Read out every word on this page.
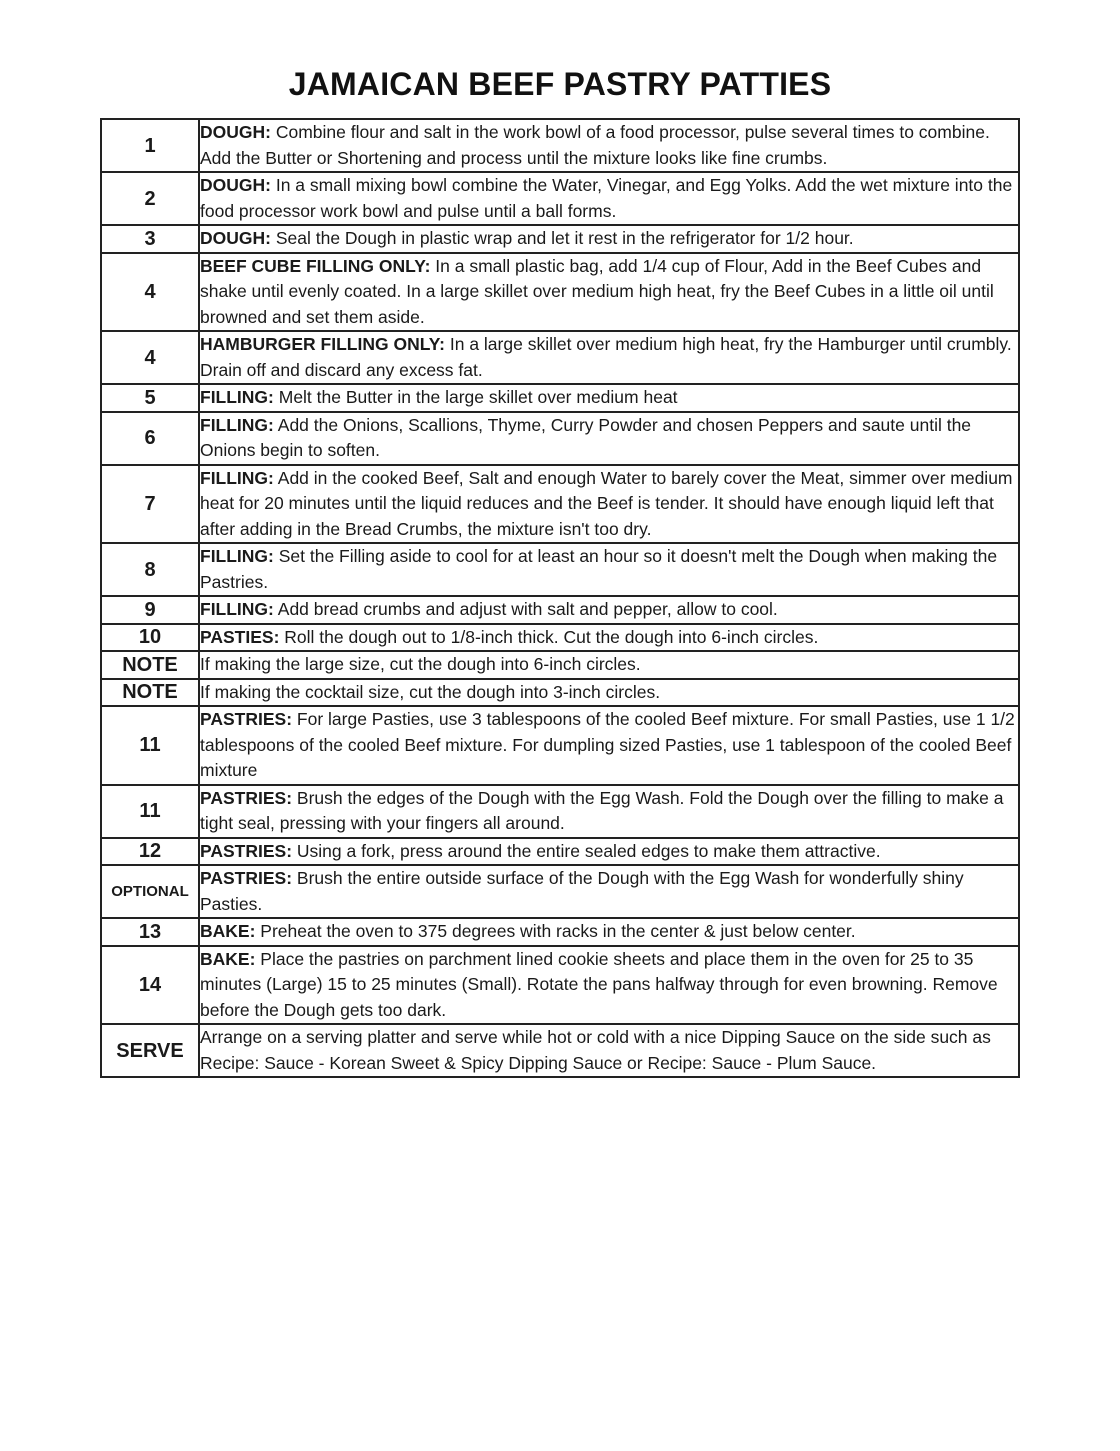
JAMAICAN BEEF PASTRY PATTIES
1	DOUGH: Combine flour and salt in the work bowl of a food processor, pulse several times to combine. Add the Butter or Shortening and process until the mixture looks like fine crumbs.
2	DOUGH: In a small mixing bowl combine the Water, Vinegar, and Egg Yolks. Add the wet mixture into the food processor work bowl and pulse until a ball forms.
3	DOUGH: Seal the Dough in plastic wrap and let it rest in the refrigerator for 1/2 hour.
4	BEEF CUBE FILLING ONLY: In a small plastic bag, add 1/4 cup of Flour, Add in the Beef Cubes and shake until evenly coated. In a large skillet over medium high heat, fry the Beef Cubes in a little oil until browned and set them aside.
4	HAMBURGER FILLING ONLY: In a large skillet over medium high heat, fry the Hamburger until crumbly. Drain off and discard any excess fat.
5	FILLING: Melt the Butter in the large skillet over medium heat
6	FILLING: Add the Onions, Scallions, Thyme, Curry Powder and chosen Peppers and saute until the Onions begin to soften.
7	FILLING: Add in the cooked Beef, Salt and enough Water to barely cover the Meat, simmer over medium heat for 20 minutes until the liquid reduces and the Beef is tender. It should have enough liquid left that after adding in the Bread Crumbs, the mixture isn't too dry.
8	FILLING: Set the Filling aside to cool for at least an hour so it doesn't melt the Dough when making the Pastries.
9	FILLING: Add bread crumbs and adjust with salt and pepper, allow to cool.
10	PASTIES: Roll the dough out to 1/8-inch thick. Cut the dough into 6-inch circles.
NOTE	If making the large size, cut the dough into 6-inch circles.
NOTE	If making the cocktail size, cut the dough into 3-inch circles.
11	PASTRIES: For large Pasties, use 3 tablespoons of the cooled Beef mixture. For small Pasties, use 1 1/2 tablespoons of the cooled Beef mixture. For dumpling sized Pasties, use 1 tablespoon of the cooled Beef mixture
11	PASTRIES: Brush the edges of the Dough with the Egg Wash. Fold the Dough over the filling to make a tight seal, pressing with your fingers all around.
12	PASTRIES: Using a fork, press around the entire sealed edges to make them attractive.
OPTIONAL	PASTRIES: Brush the entire outside surface of the Dough with the Egg Wash for wonderfully shiny Pasties.
13	BAKE: Preheat the oven to 375 degrees with racks in the center & just below center.
14	BAKE: Place the pastries on parchment lined cookie sheets and place them in the oven for 25 to 35 minutes (Large) 15 to 25 minutes (Small). Rotate the pans halfway through for even browning. Remove before the Dough gets too dark.
SERVE	Arrange on a serving platter and serve while hot or cold with a nice Dipping Sauce on the side such as Recipe: Sauce - Korean Sweet & Spicy Dipping Sauce or Recipe: Sauce - Plum Sauce.
